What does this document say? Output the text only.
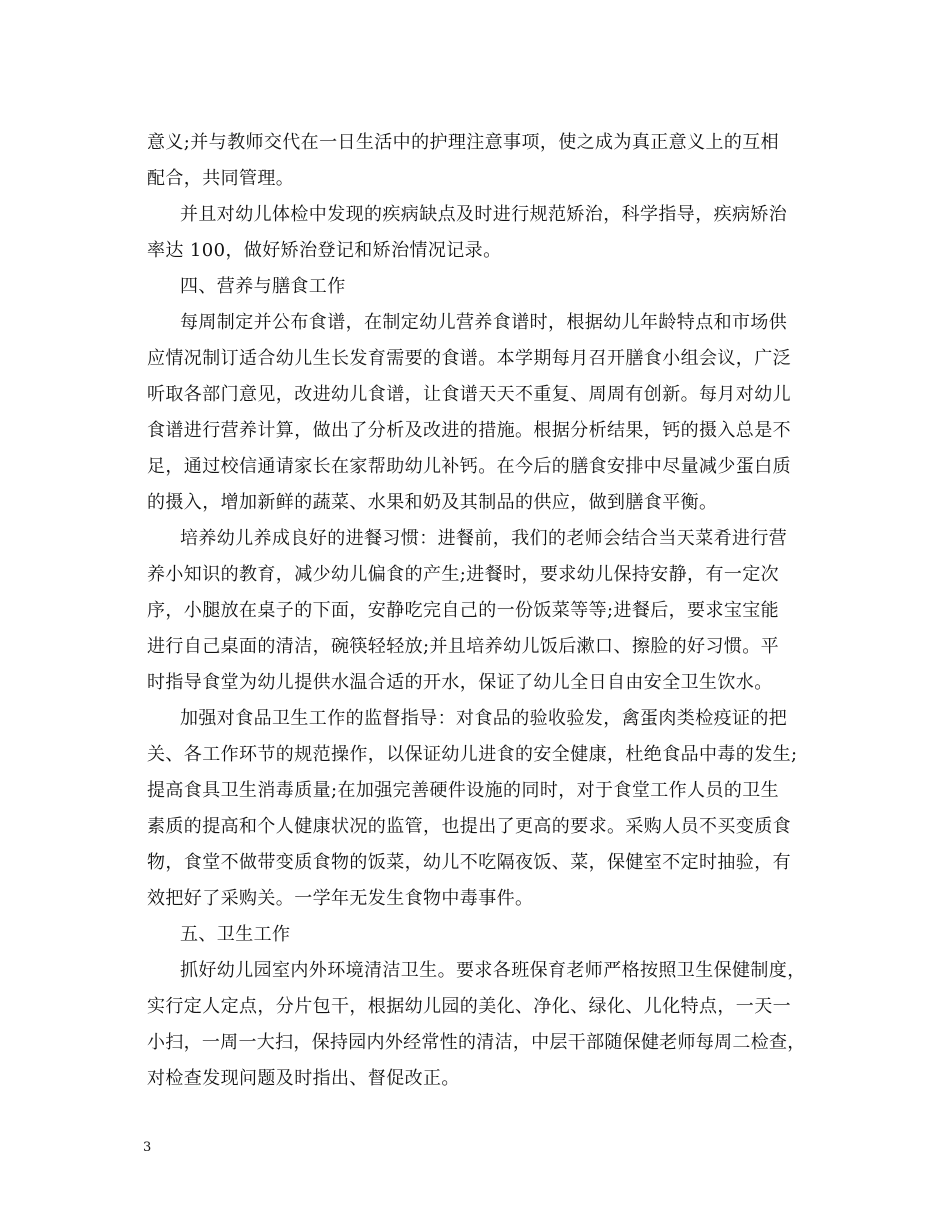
意义;并与教师交代在一日生活中的护理注意事项，使之成为真正意义上的互相
配合，共同管理。
并且对幼儿体检中发现的疾病缺点及时进行规范矫治，科学指导，疾病矫治
率达 100，做好矫治登记和矫治情况记录。
四、营养与膳食工作
每周制定并公布食谱，在制定幼儿营养食谱时，根据幼儿年龄特点和市场供
应情况制订适合幼儿生长发育需要的食谱。本学期每月召开膳食小组会议，广泛
听取各部门意见，改进幼儿食谱，让食谱天天不重复、周周有创新。每月对幼儿
食谱进行营养计算，做出了分析及改进的措施。根据分析结果，钙的摄入总是不
足，通过校信通请家长在家帮助幼儿补钙。在今后的膳食安排中尽量减少蛋白质
的摄入，增加新鲜的蔬菜、水果和奶及其制品的供应，做到膳食平衡。
培养幼儿养成良好的进餐习惯：进餐前，我们的老师会结合当天菜肴进行营
养小知识的教育，减少幼儿偏食的产生;进餐时，要求幼儿保持安静，有一定次
序，小腿放在桌子的下面，安静吃完自己的一份饭菜等等;进餐后，要求宝宝能
进行自己桌面的清洁，碗筷轻轻放;并且培养幼儿饭后漱口、擦脸的好习惯。平
时指导食堂为幼儿提供水温合适的开水，保证了幼儿全日自由安全卫生饮水。
加强对食品卫生工作的监督指导：对食品的验收验发，禽蛋肉类检疫证的把
关、各工作环节的规范操作，以保证幼儿进食的安全健康，杜绝食品中毒的发生;
提高食具卫生消毒质量;在加强完善硬件设施的同时，对于食堂工作人员的卫生
素质的提高和个人健康状况的监管，也提出了更高的要求。采购人员不买变质食
物，食堂不做带变质食物的饭菜，幼儿不吃隔夜饭、菜，保健室不定时抽验，有
效把好了采购关。一学年无发生食物中毒事件。
五、卫生工作
抓好幼儿园室内外环境清洁卫生。要求各班保育老师严格按照卫生保健制度，
实行定人定点，分片包干，根据幼儿园的美化、净化、绿化、儿化特点，一天一
小扫，一周一大扫，保持园内外经常性的清洁，中层干部随保健老师每周二检查，
对检查发现问题及时指出、督促改正。
3
